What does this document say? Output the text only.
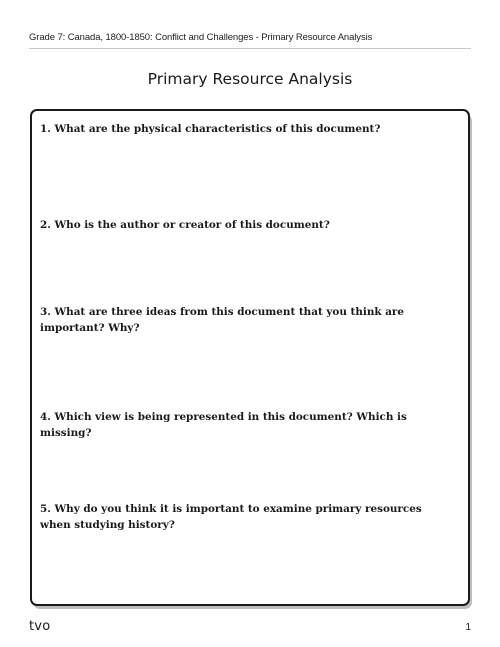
Grade 7: Canada, 1800-1850: Conflict and Challenges - Primary Resource Analysis
Primary Resource Analysis
1. What are the physical characteristics of this document?
2. Who is the author or creator of this document?
3. What are three ideas from this document that you think are important? Why?
4. Which view is being represented in this document? Which is missing?
5. Why do you think it is important to examine primary resources when studying history?
tvo	1
